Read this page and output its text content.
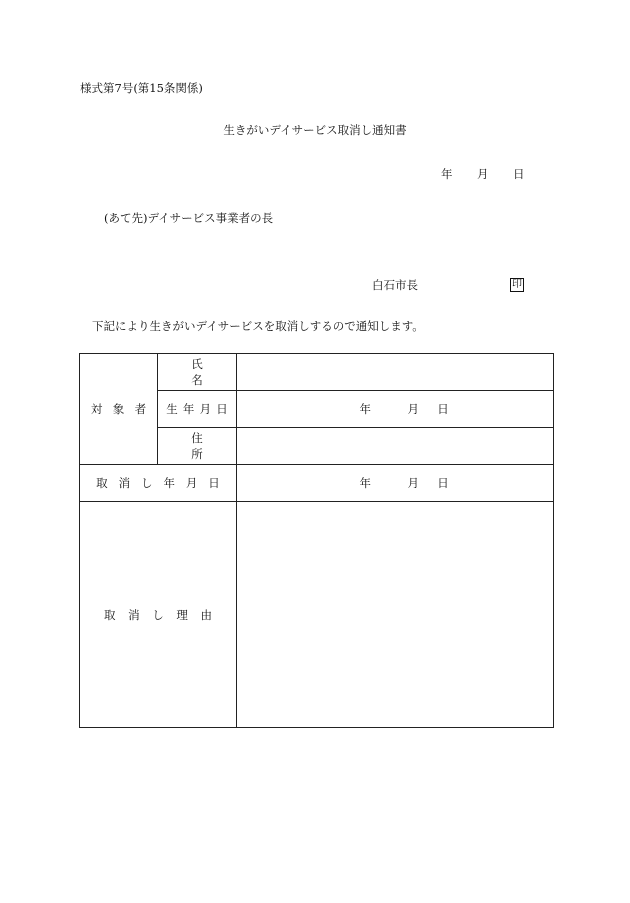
様式第7号(第15条関係)
生きがいデイサービス取消し通知書
年 月 日
(あて先)デイサービス事業者の長
白石市長	印
下記により生きがいデイサービスを取消しするので通知します。
対象者	氏名	
	生年月日	年 月 日
	住所	
取消し年月日		年 月 日
取消し理由		
